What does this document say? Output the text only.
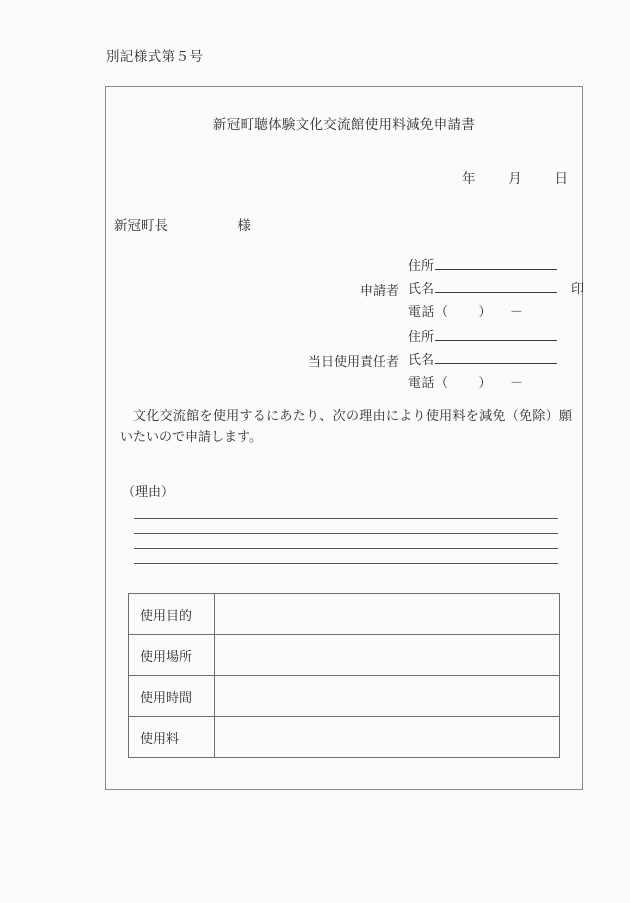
別記様式第５号
新冠町聴体験文化交流館使用料減免申請書
年 月 日
新冠町長	様
申請者
住所
氏名	印
電話 （ ） －
当日使用責任者
住所
氏名
電話 （ ） －
文化交流館を使用するにあたり、次の理由により使用料を減免（免除）願いたいので申請します。
（理由）
使用目的	
使用場所	
使用時間	
使用料	
